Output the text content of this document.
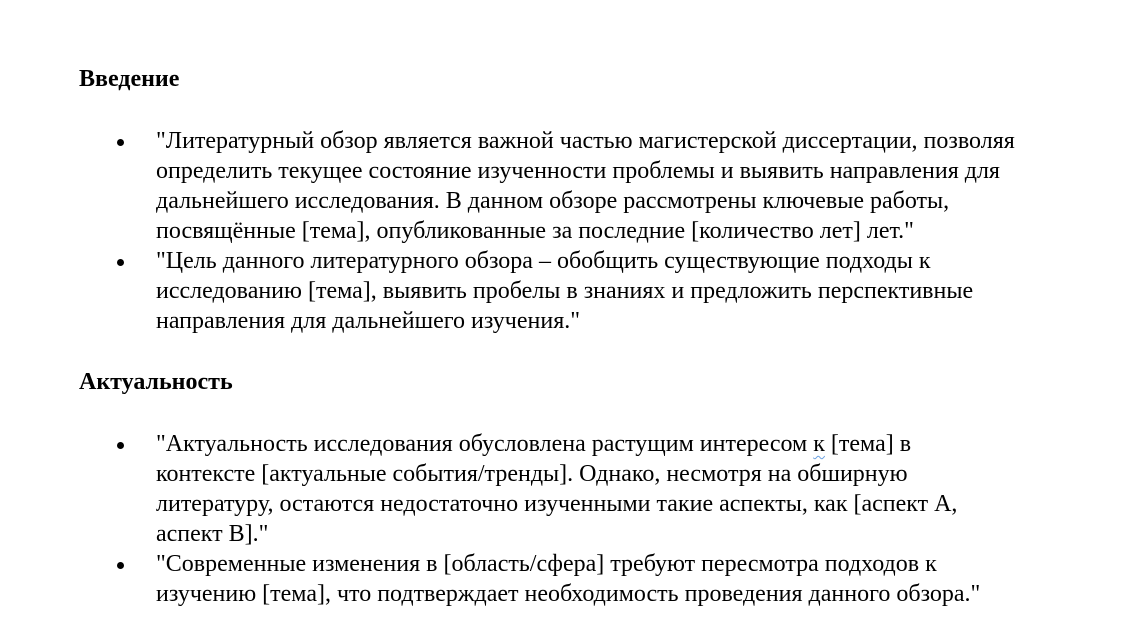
Введение
"Литературный обзор является важной частью магистерской диссертации, позволяя
определить текущее состояние изученности проблемы и выявить направления для
дальнейшего исследования. В данном обзоре рассмотрены ключевые работы,
посвящённые [тема], опубликованные за последние [количество лет] лет."
"Цель данного литературного обзора – обобщить существующие подходы к
исследованию [тема], выявить пробелы в знаниях и предложить перспективные
направления для дальнейшего изучения."
Актуальность
"Актуальность исследования обусловлена растущим интересом к [тема] в
контексте [актуальные события/тренды]. Однако, несмотря на обширную
литературу, остаются недостаточно изученными такие аспекты, как [аспект А,
аспект В]."
"Современные изменения в [область/сфера] требуют пересмотра подходов к
изучению [тема], что подтверждает необходимость проведения данного обзора."
